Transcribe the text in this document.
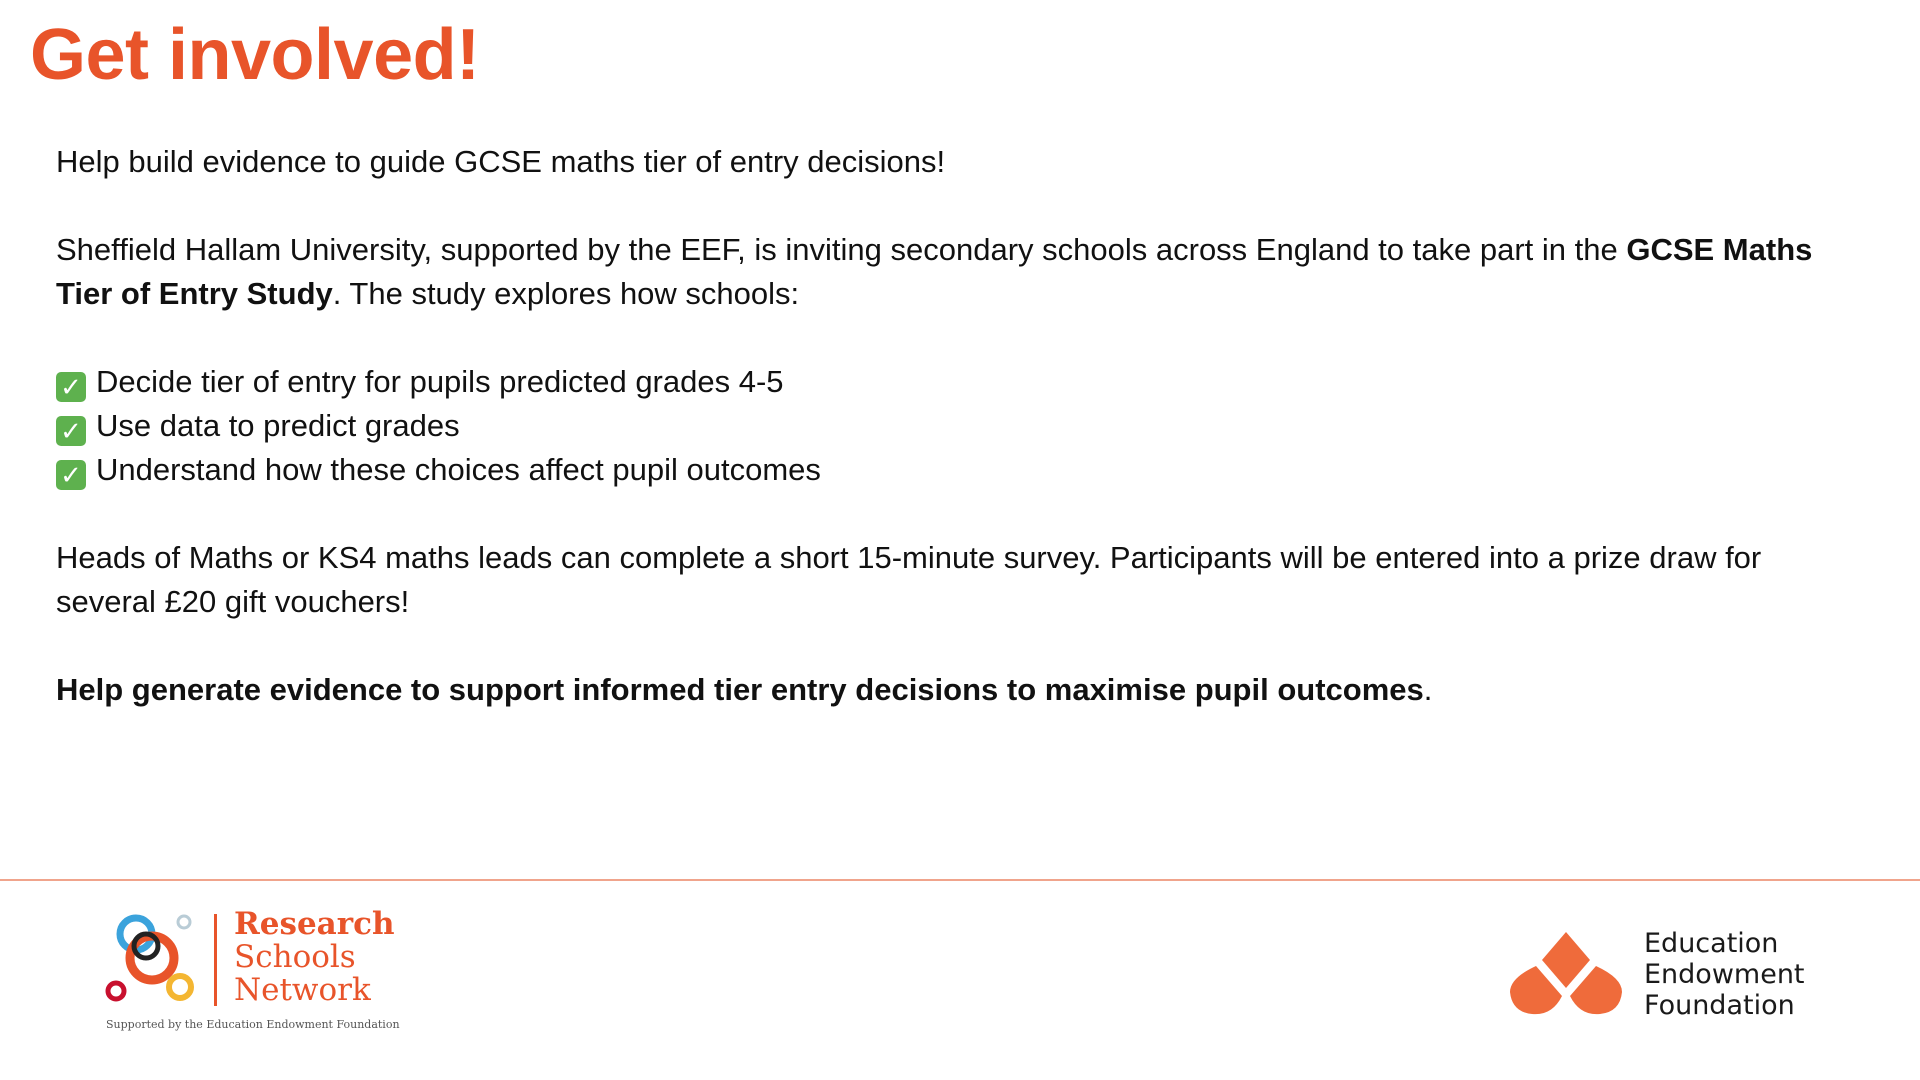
Get involved!

Help build evidence to guide GCSE maths tier of entry decisions!

Sheffield Hallam University, supported by the EEF, is inviting secondary schools across England to take part in the GCSE Maths Tier of Entry Study. The study explores how schools:

✓ Decide tier of entry for pupils predicted grades 4-5

✓ Use data to predict grades

✓ Understand how these choices affect pupil outcomes

Heads of Maths or KS4 maths leads can complete a short 15-minute survey. Participants will be entered into a prize draw for several £20 gift vouchers!

Help generate evidence to support informed tier entry decisions to maximise pupil outcomes.

Research
Schools
Network
Supported by the Education Endowment Foundation
Education
Endowment
Foundation
